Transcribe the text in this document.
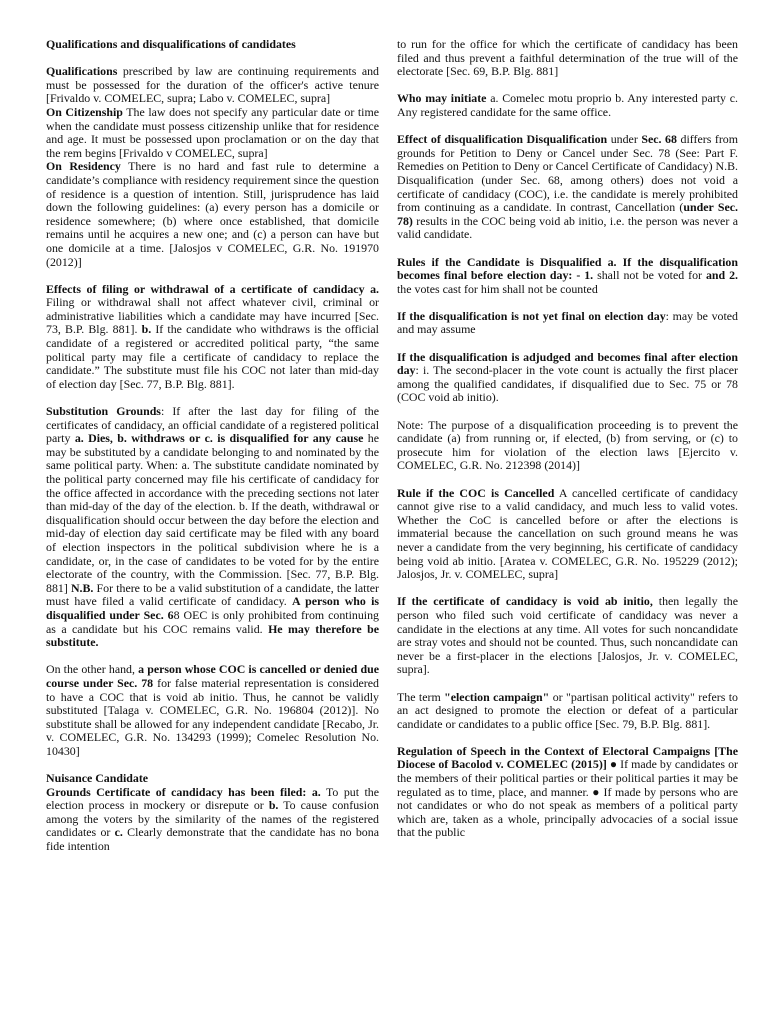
Qualifications and disqualifications of candidates

Qualifications prescribed by law are continuing requirements and must be possessed for the duration of the officer's active tenure [Frivaldo v. COMELEC, supra; Labo v. COMELEC, supra]

On Citizenship The law does not specify any particular date or time when the candidate must possess citizenship unlike that for residence and age. It must be possessed upon proclamation or on the day that the rem begins [Frivaldo v COMELEC, supra]

On Residency There is no hard and fast rule to determine a candidate’s compliance with residency requirement since the question of residence is a question of intention. Still, jurisprudence has laid down the following guidelines: (a) every person has a domicile or residence somewhere; (b) where once established, that domicile remains until he acquires a new one; and (c) a person can have but one domicile at a time. [Jalosjos v COMELEC, G.R. No. 191970 (2012)]

Effects of filing or withdrawal of a certificate of candidacy a. Filing or withdrawal shall not affect whatever civil, criminal or administrative liabilities which a candidate may have incurred [Sec. 73, B.P. Blg. 881]. b. If the candidate who withdraws is the official candidate of a registered or accredited political party, “the same political party may file a certificate of candidacy to replace the candidate.” The substitute must file his COC not later than mid-day of election day [Sec. 77, B.P. Blg. 881].

Substitution Grounds: If after the last day for filing of the certificates of candidacy, an official candidate of a registered political party a. Dies, b. withdraws or c. is disqualified for any cause he may be substituted by a candidate belonging to and nominated by the same political party. When: a. The substitute candidate nominated by the political party concerned may file his certificate of candidacy for the office affected in accordance with the preceding sections not later than mid-day of the day of the election. b. If the death, withdrawal or disqualification should occur between the day before the election and mid-day of election day said certificate may be filed with any board of election inspectors in the political subdivision where he is a candidate, or, in the case of candidates to be voted for by the entire electorate of the country, with the Commission. [Sec. 77, B.P. Blg. 881] N.B. For there to be a valid substitution of a candidate, the latter must have filed a valid certificate of candidacy. A person who is disqualified under Sec. 68 OEC is only prohibited from continuing as a candidate but his COC remains valid. He may therefore be substitute.

On the other hand, a person whose COC is cancelled or denied due course under Sec. 78 for false material representation is considered to have a COC that is void ab initio. Thus, he cannot be validly substituted [Talaga v. COMELEC, G.R. No. 196804 (2012)]. No substitute shall be allowed for any independent candidate [Recabo, Jr. v. COMELEC, G.R. No. 134293 (1999); Comelec Resolution No. 10430]

Nuisance Candidate

Grounds Certificate of candidacy has been filed: a. To put the election process in mockery or disrepute or b. To cause confusion among the voters by the similarity of the names of the registered candidates or c. Clearly demonstrate that the candidate has no bona fide intention

to run for the office for which the certificate of candidacy has been filed and thus prevent a faithful determination of the true will of the electorate [Sec. 69, B.P. Blg. 881]

Who may initiate a. Comelec motu proprio b. Any interested party c. Any registered candidate for the same office.

Effect of disqualification Disqualification under Sec. 68 differs from grounds for Petition to Deny or Cancel under Sec. 78 (See: Part F. Remedies on Petition to Deny or Cancel Certificate of Candidacy) N.B. Disqualification (under Sec. 68, among others) does not void a certificate of candidacy (COC), i.e. the candidate is merely prohibited from continuing as a candidate. In contrast, Cancellation (under Sec. 78) results in the COC being void ab initio, i.e. the person was never a valid candidate.

Rules if the Candidate is Disqualified a. If the disqualification becomes final before election day: - 1. shall not be voted for and 2. the votes cast for him shall not be counted

If the disqualification is not yet final on election day: may be voted and may assume

If the disqualification is adjudged and becomes final after election day: i. The second-placer in the vote count is actually the first placer among the qualified candidates, if disqualified due to Sec. 75 or 78 (COC void ab initio).

Note: The purpose of a disqualification proceeding is to prevent the candidate (a) from running or, if elected, (b) from serving, or (c) to prosecute him for violation of the election laws [Ejercito v. COMELEC, G.R. No. 212398 (2014)]

Rule if the COC is Cancelled A cancelled certificate of candidacy cannot give rise to a valid candidacy, and much less to valid votes. Whether the CoC is cancelled before or after the elections is immaterial because the cancellation on such ground means he was never a candidate from the very beginning, his certificate of candidacy being void ab initio. [Aratea v. COMELEC, G.R. No. 195229 (2012); Jalosjos, Jr. v. COMELEC, supra]

If the certificate of candidacy is void ab initio, then legally the person who filed such void certificate of candidacy was never a candidate in the elections at any time. All votes for such noncandidate are stray votes and should not be counted. Thus, such noncandidate can never be a first-placer in the elections [Jalosjos, Jr. v. COMELEC, supra].

The term "election campaign" or "partisan political activity" refers to an act designed to promote the election or defeat of a particular candidate or candidates to a public office [Sec. 79, B.P. Blg. 881].

Regulation of Speech in the Context of Electoral Campaigns [The Diocese of Bacolod v. COMELEC (2015)] ● If made by candidates or the members of their political parties or their political parties it may be regulated as to time, place, and manner. ● If made by persons who are not candidates or who do not speak as members of a political party which are, taken as a whole, principally advocacies of a social issue that the public
